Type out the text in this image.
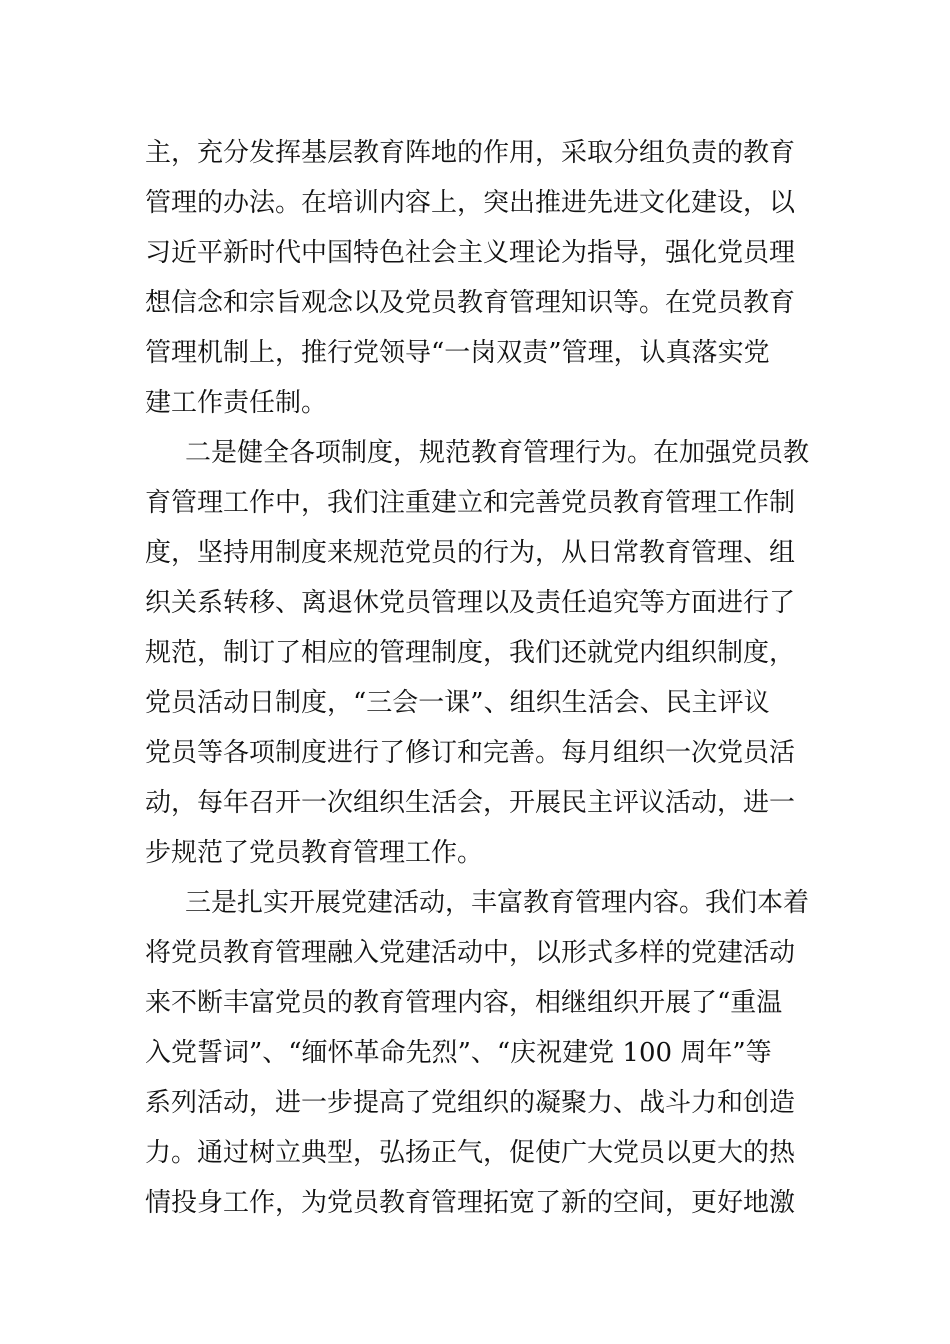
主，充分发挥基层教育阵地的作用，采取分组负责的教育
管理的办法。在培训内容上，突出推进先进文化建设，以
习近平新时代中国特色社会主义理论为指导，强化党员理
想信念和宗旨观念以及党员教育管理知识等。在党员教育
管理机制上，推行党领导“一岗双责”管理，认真落实党
建工作责任制。
二是健全各项制度，规范教育管理行为。在加强党员教
育管理工作中，我们注重建立和完善党员教育管理工作制
度，坚持用制度来规范党员的行为，从日常教育管理、组
织关系转移、离退休党员管理以及责任追究等方面进行了
规范，制订了相应的管理制度，我们还就党内组织制度，
党员活动日制度，“三会一课”、组织生活会、民主评议
党员等各项制度进行了修订和完善。每月组织一次党员活
动，每年召开一次组织生活会，开展民主评议活动，进一
步规范了党员教育管理工作。
三是扎实开展党建活动，丰富教育管理内容。我们本着
将党员教育管理融入党建活动中，以形式多样的党建活动
来不断丰富党员的教育管理内容，相继组织开展了“重温
入党誓词”、“缅怀革命先烈”、“庆祝建党 100 周年”等
系列活动，进一步提高了党组织的凝聚力、战斗力和创造
力。通过树立典型，弘扬正气，促使广大党员以更大的热
情投身工作，为党员教育管理拓宽了新的空间，更好地激
